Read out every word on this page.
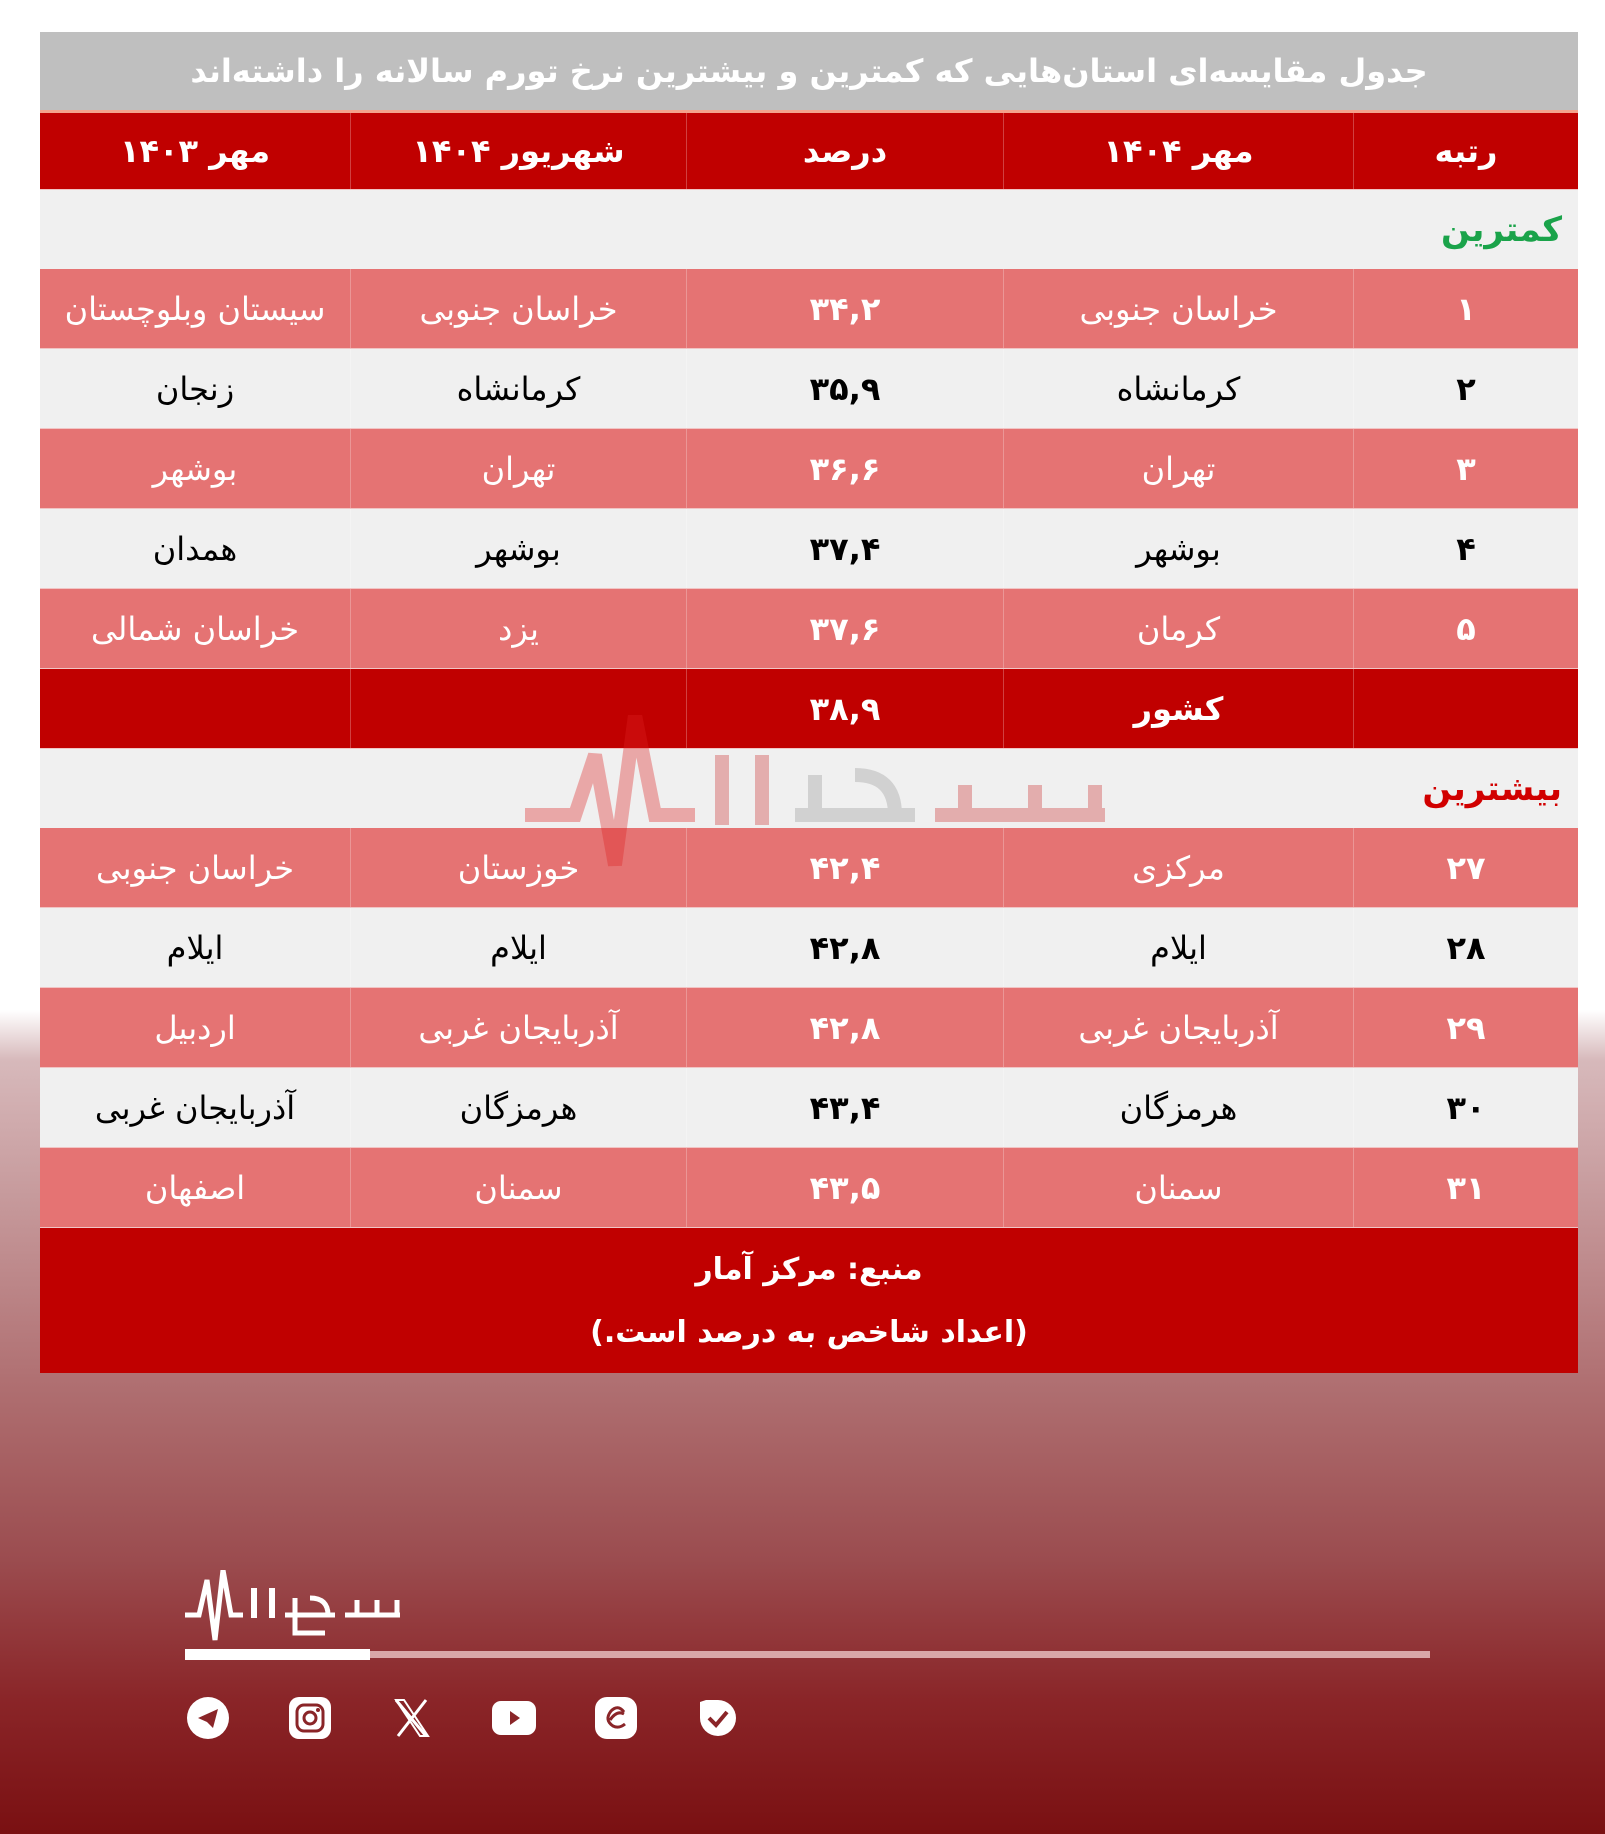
جدول مقایسه‌ای استان‌هایی که کمترین و بیشترین نرخ تورم سالانه را داشته‌اند
رتبه
مهر ۱۴۰۴
درصد
شهریور ۱۴۰۴
مهر ۱۴۰۳
کمترین
۱
خراسان جنوبی
۳۴,۲
خراسان جنوبی
سیستان وبلوچستان
۲
کرمانشاه
۳۵,۹
کرمانشاه
زنجان
۳
تهران
۳۶,۶
تهران
بوشهر
۴
بوشهر
۳۷,۴
بوشهر
همدان
۵
کرمان
۳۷,۶
یزد
خراسان شمالی
کشور
۳۸,۹
بیشترین
۲۷
مرکزی
۴۲,۴
خوزستان
خراسان جنوبی
۲۸
ایلام
۴۲,۸
ایلام
ایلام
۲۹
آذربایجان غربی
۴۲,۸
آذربایجان غربی
اردبیل
۳۰
هرمزگان
۴۳,۴
هرمزگان
آذربایجان غربی
۳۱
سمنان
۴۳,۵
سمنان
اصفهان
منبع: مرکز آمار
(اعداد شاخص به درصد است.)
